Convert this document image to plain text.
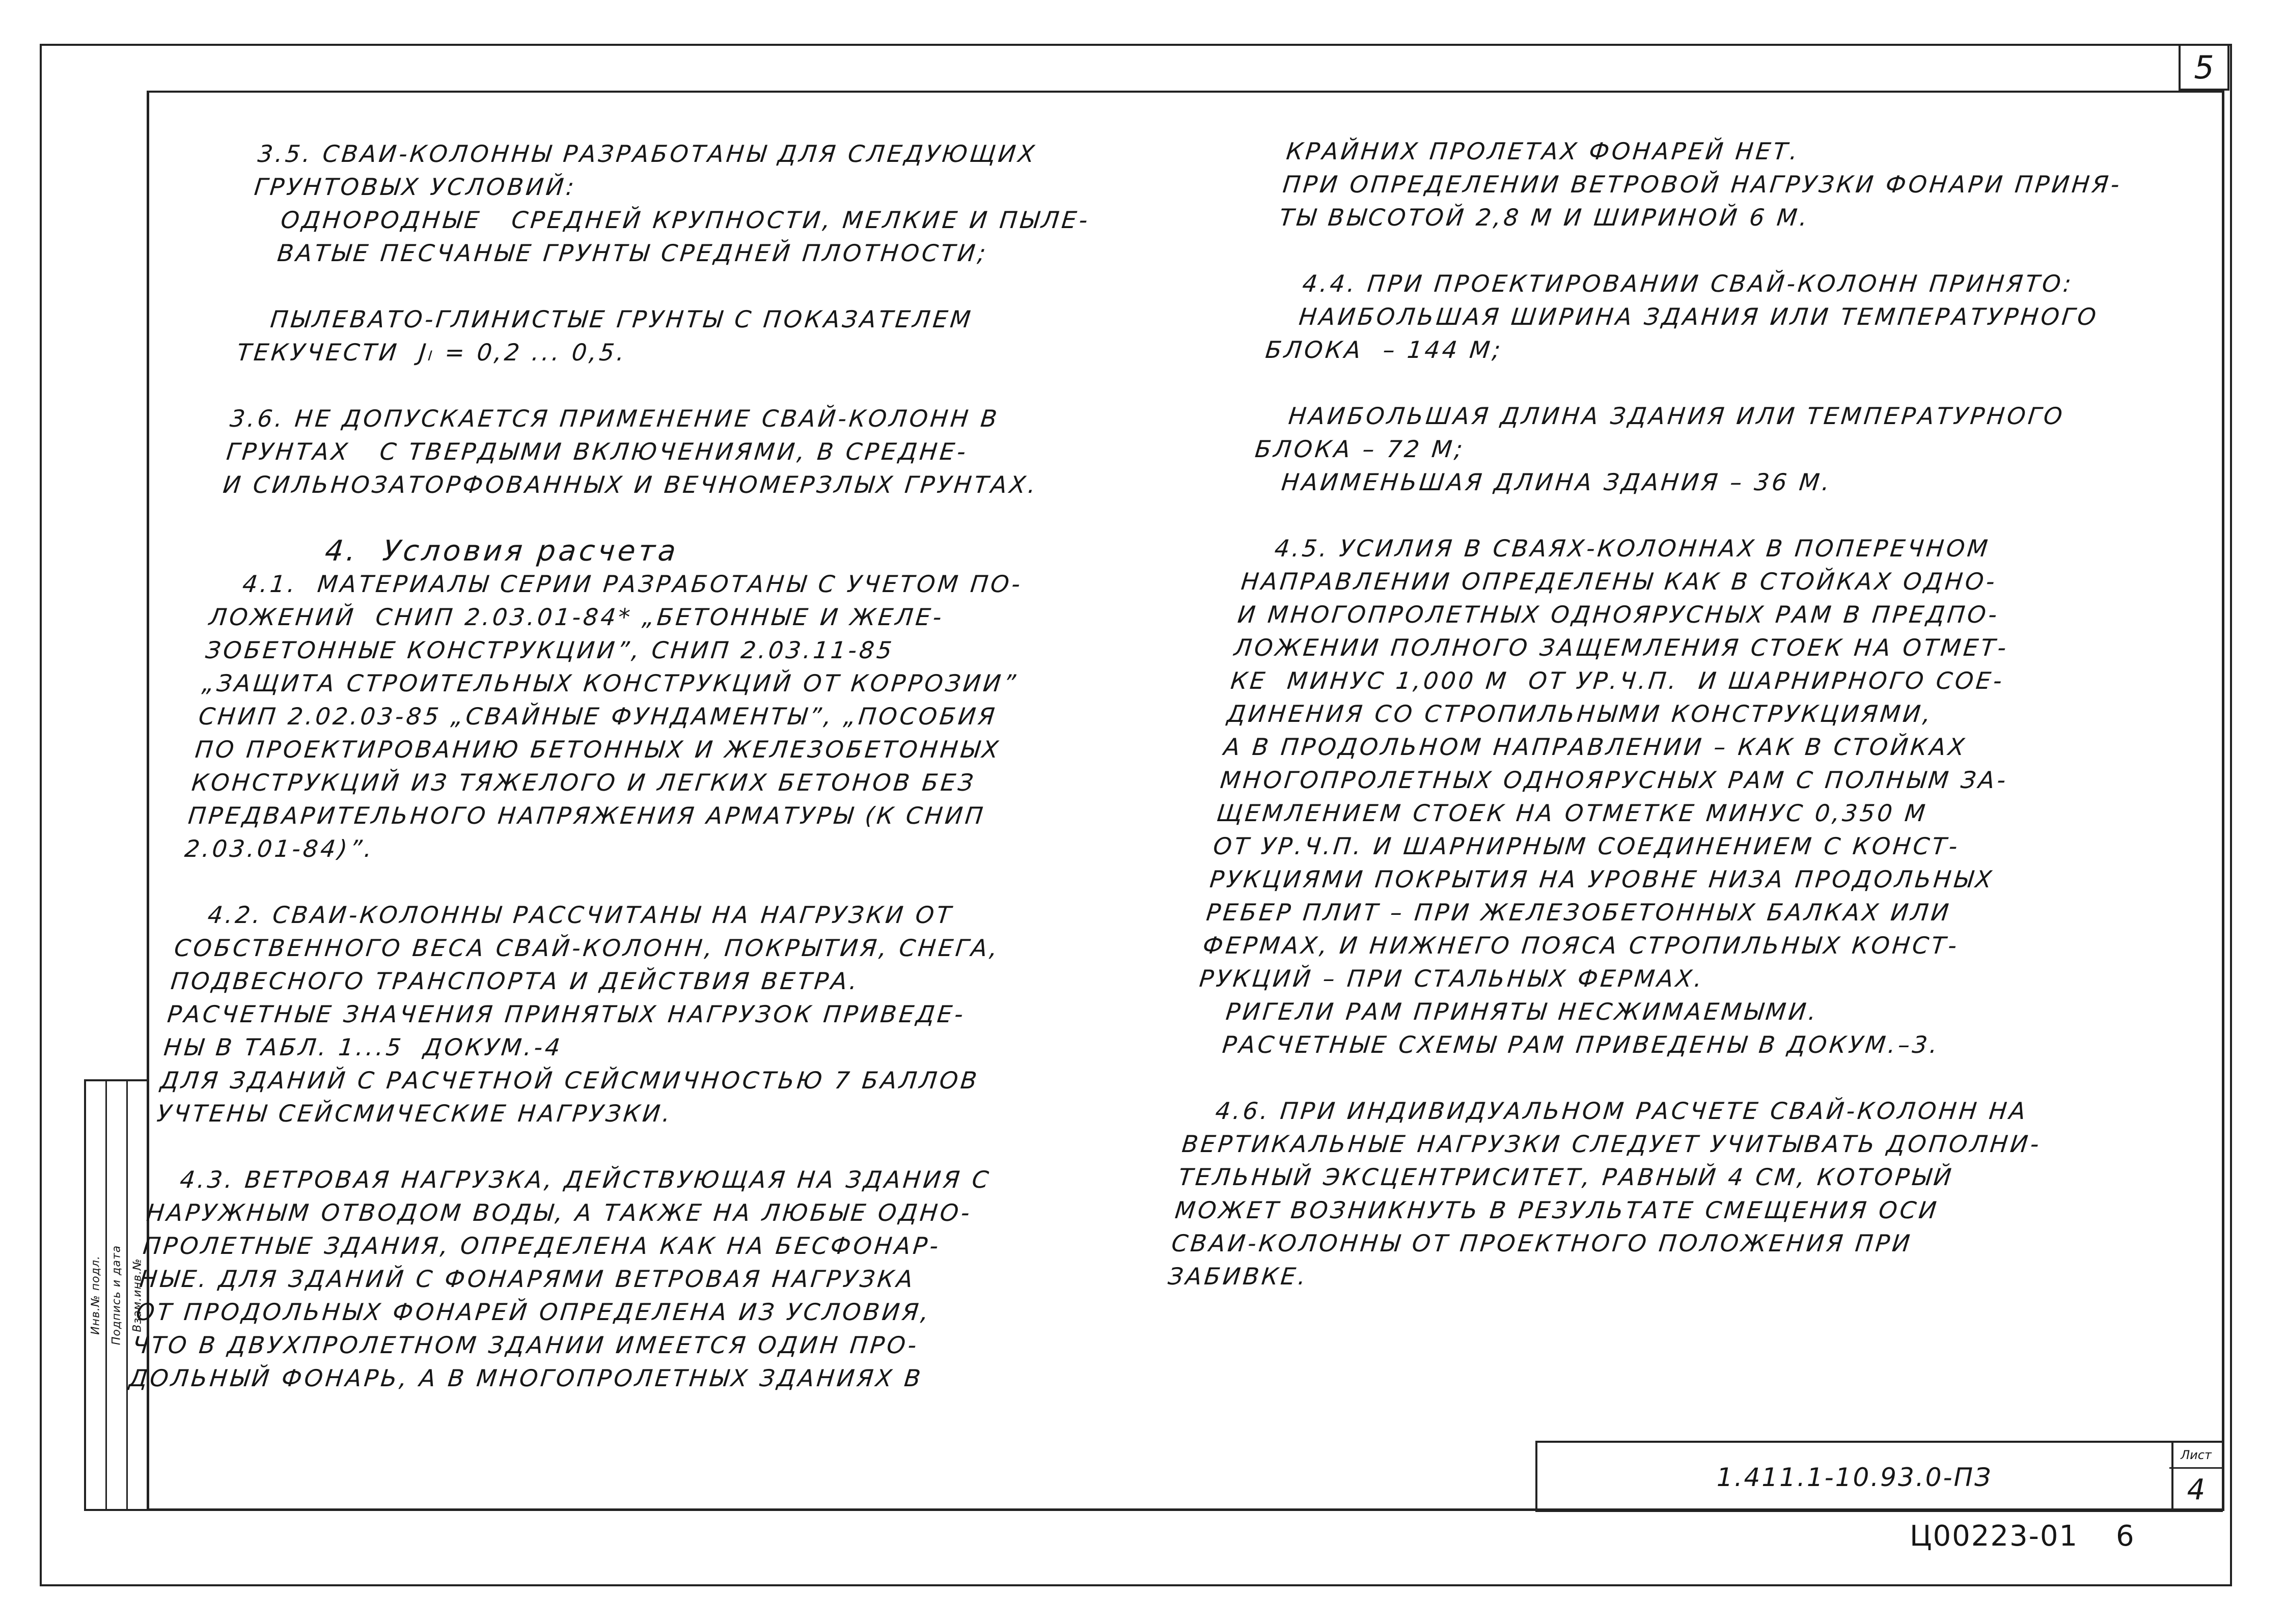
5
Инв.№ подл. Подпись и дата Взам.инв.№

3.5. СВАИ-КОЛОННЫ РАЗРАБОТАНЫ ДЛЯ СЛЕДУЮЩИХ

ГРУНТОВЫХ УСЛОВИЙ:

ОДНОРОДНЫЕ   СРЕДНЕЙ КРУПНОСТИ, МЕЛКИЕ И ПЫЛЕ-

ВАТЫЕ ПЕСЧАНЫЕ ГРУНТЫ СРЕДНЕЙ ПЛОТНОСТИ;

ПЫЛЕВАТО-ГЛИНИСТЫЕ ГРУНТЫ С ПОКАЗАТЕЛЕМ

ТЕКУЧЕСТИ  Jₗ = 0,2 ... 0,5.

3.6. НЕ ДОПУСКАЕТСЯ ПРИМЕНЕНИЕ СВАЙ-КОЛОНН В

ГРУНТАХ   С ТВЕРДЫМИ ВКЛЮЧЕНИЯМИ, В СРЕДНЕ-

И СИЛЬНОЗАТОРФОВАННЫХ И ВЕЧНОМЕРЗЛЫХ ГРУНТАХ.

4.  Условия расчета

4.1.  МАТЕРИАЛЫ СЕРИИ РАЗРАБОТАНЫ С УЧЕТОМ ПО-

ЛОЖЕНИЙ  СНИП 2.03.01-84* „БЕТОННЫЕ И ЖЕЛЕ-

ЗОБЕТОННЫЕ КОНСТРУКЦИИ”, СНИП 2.03.11-85

„ЗАЩИТА СТРОИТЕЛЬНЫХ КОНСТРУКЦИЙ ОТ КОРРОЗИИ”

СНИП 2.02.03-85 „СВАЙНЫЕ ФУНДАМЕНТЫ”, „ПОСОБИЯ

ПО ПРОЕКТИРОВАНИЮ БЕТОННЫХ И ЖЕЛЕЗОБЕТОННЫХ

КОНСТРУКЦИЙ ИЗ ТЯЖЕЛОГО И ЛЕГКИХ БЕТОНОВ БЕЗ

ПРЕДВАРИТЕЛЬНОГО НАПРЯЖЕНИЯ АРМАТУРЫ (К СНИП

2.03.01-84)”.

4.2. СВАИ-КОЛОННЫ РАССЧИТАНЫ НА НАГРУЗКИ ОТ

СОБСТВЕННОГО ВЕСА СВАЙ-КОЛОНН, ПОКРЫТИЯ, СНЕГА,

ПОДВЕСНОГО ТРАНСПОРТА И ДЕЙСТВИЯ ВЕТРА.

РАСЧЕТНЫЕ ЗНАЧЕНИЯ ПРИНЯТЫХ НАГРУЗОК ПРИВЕДЕ-

НЫ В ТАБЛ. 1...5  ДОКУМ.-4

ДЛЯ ЗДАНИЙ С РАСЧЕТНОЙ СЕЙСМИЧНОСТЬЮ 7 БАЛЛОВ

УЧТЕНЫ СЕЙСМИЧЕСКИЕ НАГРУЗКИ.

4.3. ВЕТРОВАЯ НАГРУЗКА, ДЕЙСТВУЮЩАЯ НА ЗДАНИЯ С

НАРУЖНЫМ ОТВОДОМ ВОДЫ, А ТАКЖЕ НА ЛЮБЫЕ ОДНО-

ПРОЛЕТНЫЕ ЗДАНИЯ, ОПРЕДЕЛЕНА КАК НА БЕСФОНАР-

НЫЕ. ДЛЯ ЗДАНИЙ С ФОНАРЯМИ ВЕТРОВАЯ НАГРУЗКА

ОТ ПРОДОЛЬНЫХ ФОНАРЕЙ ОПРЕДЕЛЕНА ИЗ УСЛОВИЯ,

ЧТО В ДВУХПРОЛЕТНОМ ЗДАНИИ ИМЕЕТСЯ ОДИН ПРО-

ДОЛЬНЫЙ ФОНАРЬ, А В МНОГОПРОЛЕТНЫХ ЗДАНИЯХ В

КРАЙНИХ ПРОЛЕТАХ ФОНАРЕЙ НЕТ.

ПРИ ОПРЕДЕЛЕНИИ ВЕТРОВОЙ НАГРУЗКИ ФОНАРИ ПРИНЯ-

ТЫ ВЫСОТОЙ 2,8 М И ШИРИНОЙ 6 М.

4.4. ПРИ ПРОЕКТИРОВАНИИ СВАЙ-КОЛОНН ПРИНЯТО:

НАИБОЛЬШАЯ ШИРИНА ЗДАНИЯ ИЛИ ТЕМПЕРАТУРНОГО

БЛОКА  – 144 М;

НАИБОЛЬШАЯ ДЛИНА ЗДАНИЯ ИЛИ ТЕМПЕРАТУРНОГО

БЛОКА – 72 М;

НАИМЕНЬШАЯ ДЛИНА ЗДАНИЯ – 36 М.

4.5. УСИЛИЯ В СВАЯХ-КОЛОННАХ В ПОПЕРЕЧНОМ

НАПРАВЛЕНИИ ОПРЕДЕЛЕНЫ КАК В СТОЙКАХ ОДНО-

И МНОГОПРОЛЕТНЫХ ОДНОЯРУСНЫХ РАМ В ПРЕДПО-

ЛОЖЕНИИ ПОЛНОГО ЗАЩЕМЛЕНИЯ СТОЕК НА ОТМЕТ-

КЕ  МИНУС 1,000 М  ОТ УР.Ч.П.  И ШАРНИРНОГО СОЕ-

ДИНЕНИЯ СО СТРОПИЛЬНЫМИ КОНСТРУКЦИЯМИ,

А В ПРОДОЛЬНОМ НАПРАВЛЕНИИ – КАК В СТОЙКАХ

МНОГОПРОЛЕТНЫХ ОДНОЯРУСНЫХ РАМ С ПОЛНЫМ ЗА-

ЩЕМЛЕНИЕМ СТОЕК НА ОТМЕТКЕ МИНУС 0,350 М

ОТ УР.Ч.П. И ШАРНИРНЫМ СОЕДИНЕНИЕМ С КОНСТ-

РУКЦИЯМИ ПОКРЫТИЯ НА УРОВНЕ НИЗА ПРОДОЛЬНЫХ

РЕБЕР ПЛИТ – ПРИ ЖЕЛЕЗОБЕТОННЫХ БАЛКАХ ИЛИ

ФЕРМАХ, И НИЖНЕГО ПОЯСА СТРОПИЛЬНЫХ КОНСТ-

РУКЦИЙ – ПРИ СТАЛЬНЫХ ФЕРМАХ.

РИГЕЛИ РАМ ПРИНЯТЫ НЕСЖИМАЕМЫМИ.

РАСЧЕТНЫЕ СХЕМЫ РАМ ПРИВЕДЕНЫ В ДОКУМ.–3.

4.6. ПРИ ИНДИВИДУАЛЬНОМ РАСЧЕТЕ СВАЙ-КОЛОНН НА

ВЕРТИКАЛЬНЫЕ НАГРУЗКИ СЛЕДУЕТ УЧИТЫВАТЬ ДОПОЛНИ-

ТЕЛЬНЫЙ ЭКСЦЕНТРИСИТЕТ, РАВНЫЙ 4 СМ, КОТОРЫЙ

МОЖЕТ ВОЗНИКНУТЬ В РЕЗУЛЬТАТЕ СМЕЩЕНИЯ ОСИ

СВАИ-КОЛОННЫ ОТ ПРОЕКТНОГО ПОЛОЖЕНИЯ ПРИ

ЗАБИВКЕ.

1.411.1-10.93.0-ПЗ
Лист
4
Ц00223-01 6
